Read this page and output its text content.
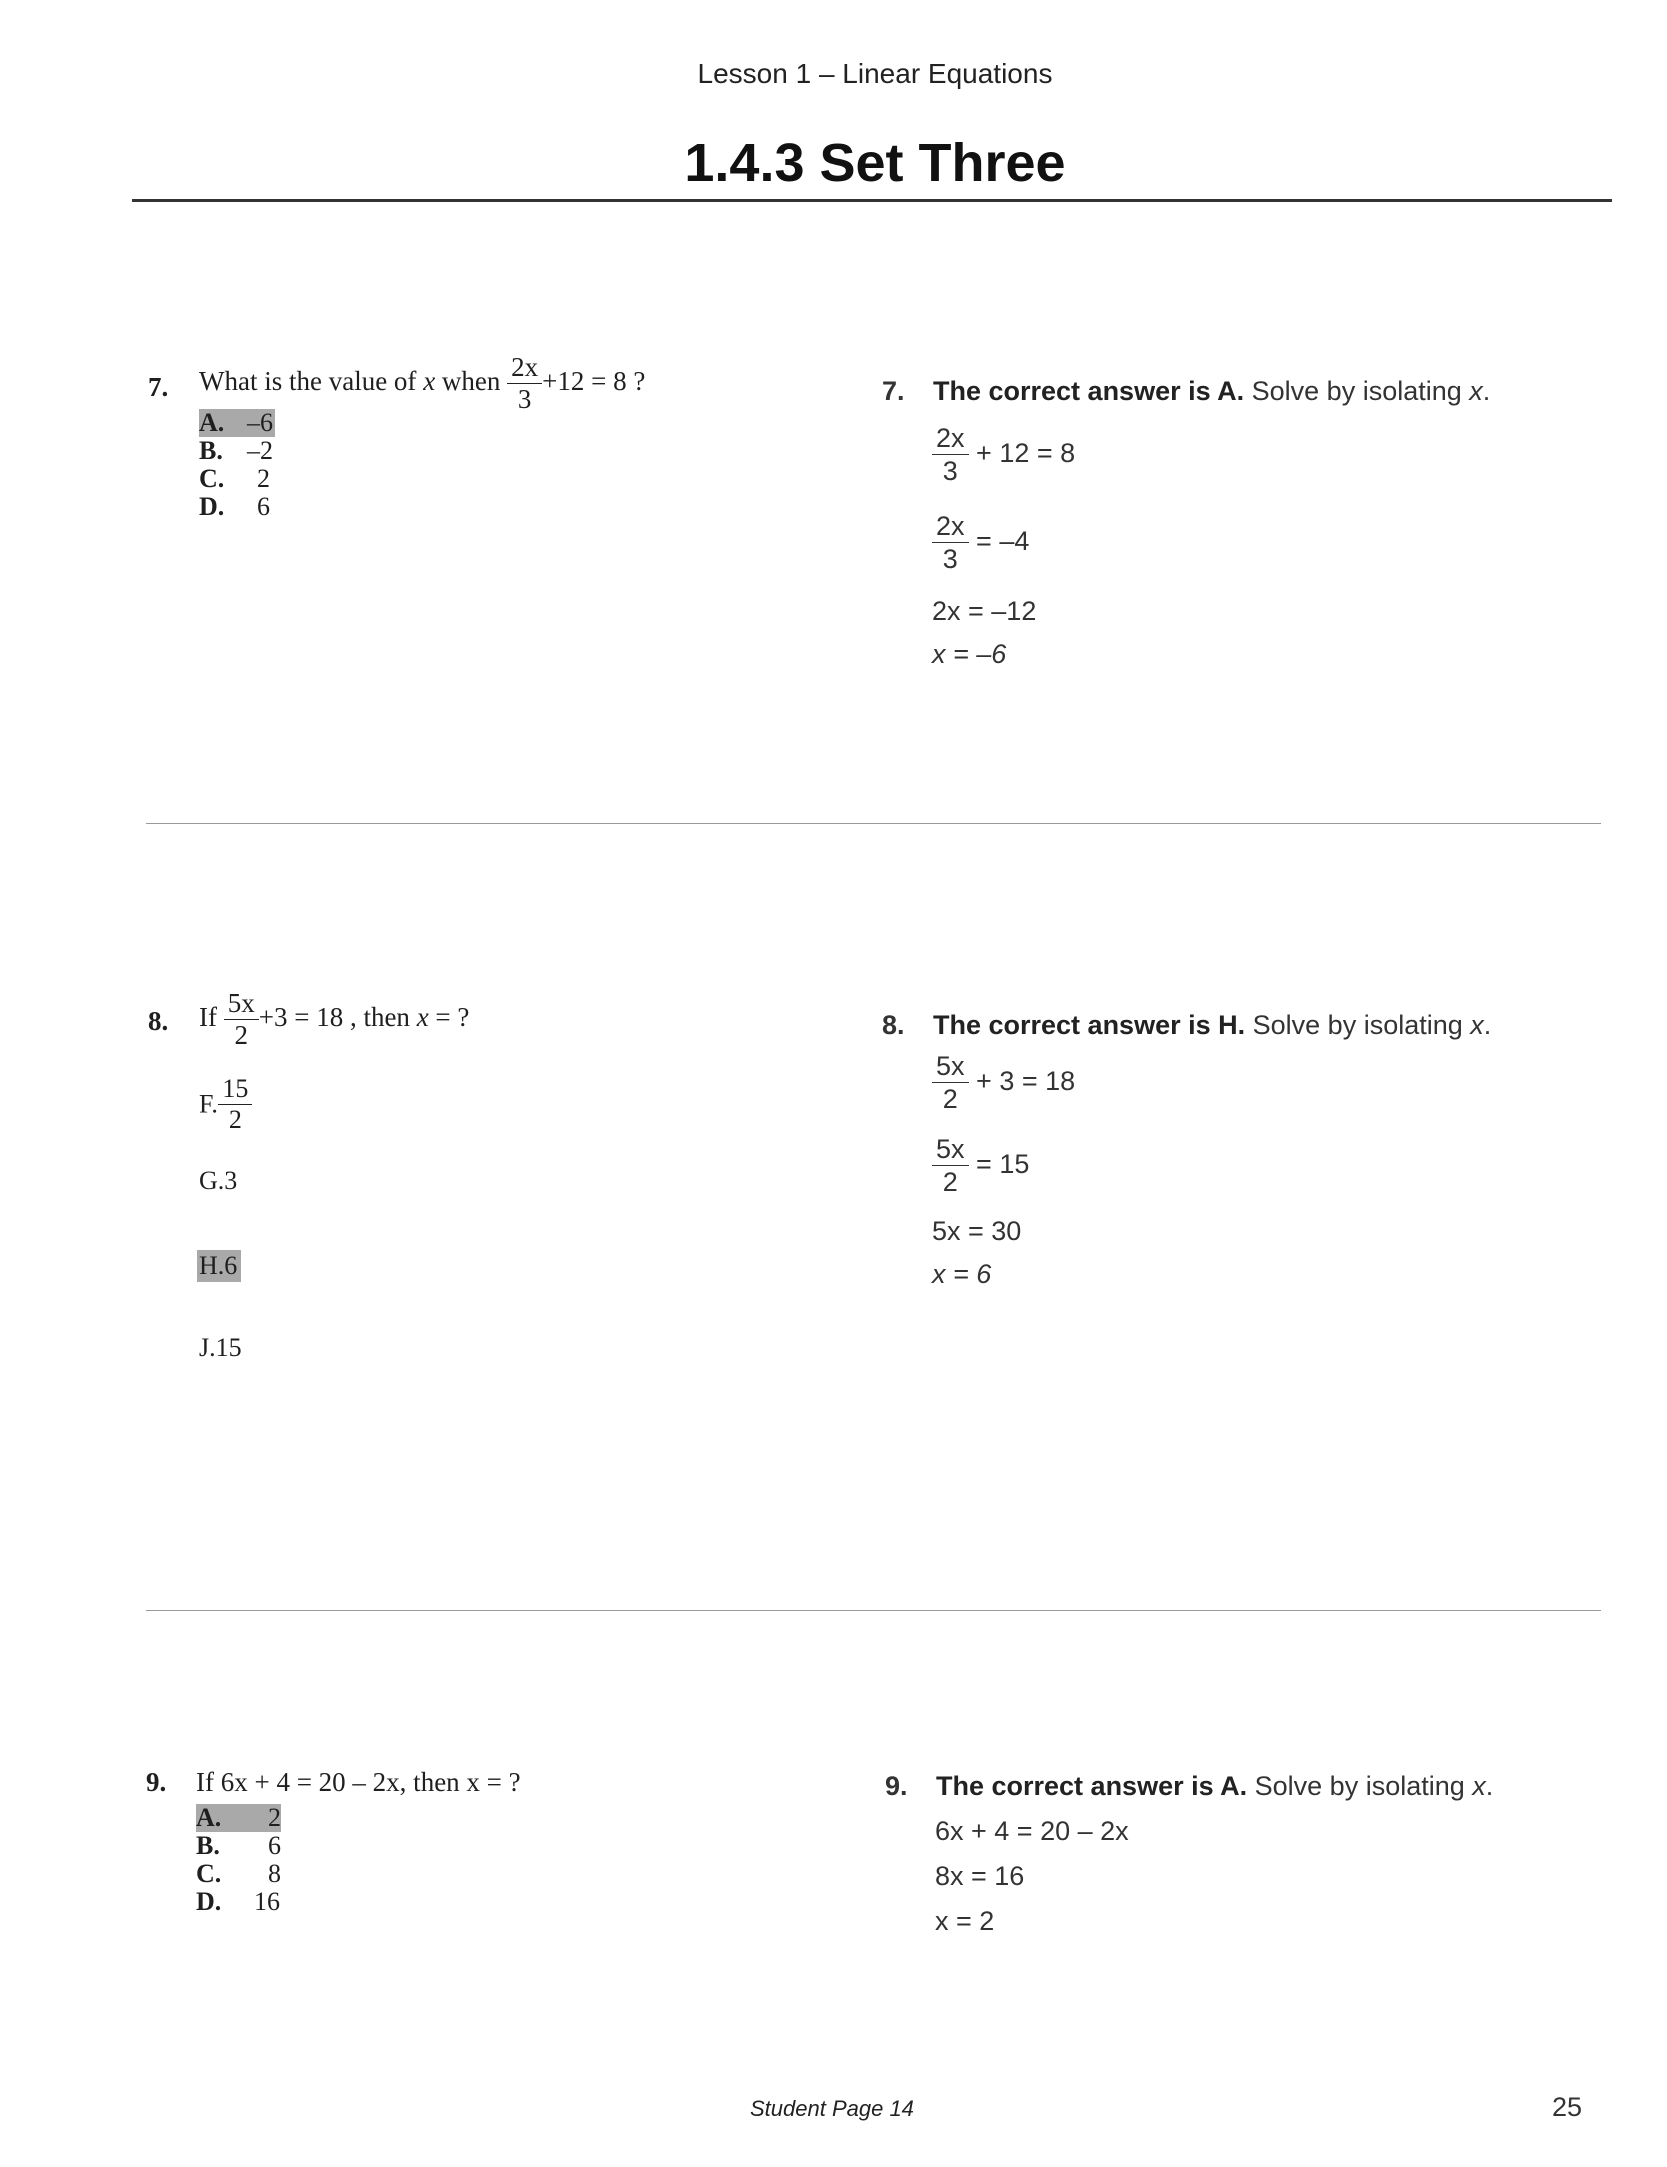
Lesson 1 – Linear Equations
1.4.3 Set Three
7. What is the value of x when $\frac{2x}{3} +12 = 8$ ?
A. –6
B. –2
C. 2
D. 6
7. The correct answer is A. Solve by isolating x.
$\frac{2x}{3} + 12 = 8$
$\frac{2x}{3} = -4$
2x = –12
x = –6
8. If $\frac{5x}{2} +3 = 18$ , then x = ?
F. $\frac{15}{2}$
G.3
H.6
J.15
8. The correct answer is H. Solve by isolating x.
$\frac{5x}{2} + 3 = 18$
$\frac{5x}{2} = 15$
5x = 30
x = 6
9. If 6x + 4 = 20 – 2x, then x = ?
A. 2
B. 6
C. 8
D. 16
9. The correct answer is A. Solve by isolating x.
6x + 4 = 20 – 2x
8x = 16
x = 2
Student Page 14	25
